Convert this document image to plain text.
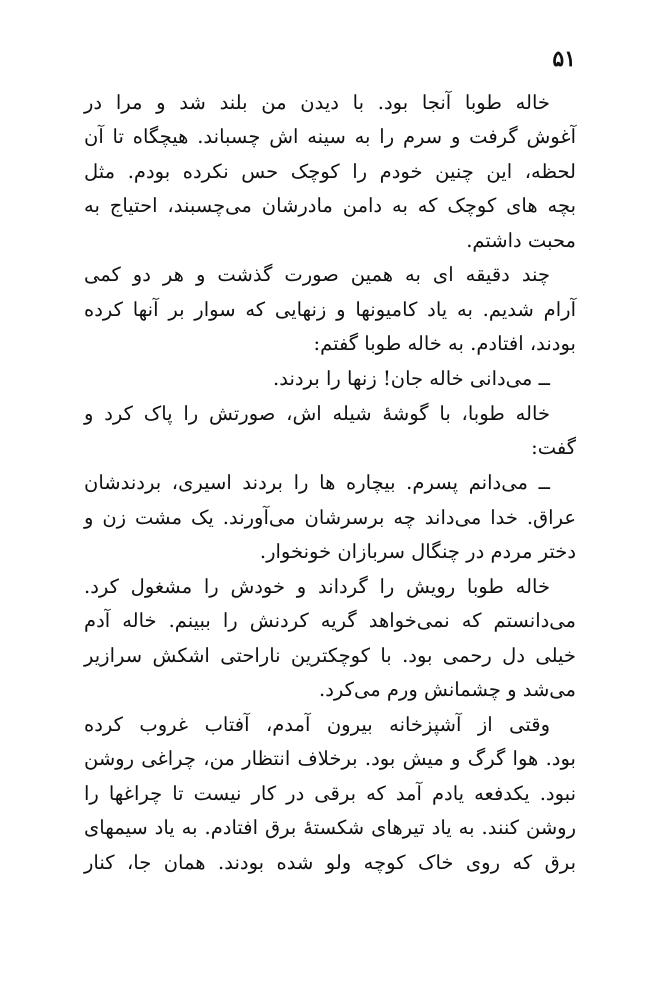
۵۱
خاله طوبا آنجا بود. با دیدن من بلند شد و مرا در
آغوش گرفت و سرم را به سینه اش چسباند. هیچگاه تا آن
لحظه، این چنین خودم را کوچک حس نکرده بودم. مثل
بچه های کوچک که به دامن مادرشان می‌چسبند، احتیاج به
محبت داشتم.
چند دقیقه ای به همین صورت گذشت و هر دو کمی
آرام شدیم. به یاد کامیونها و زنهایی که سوار بر آنها کرده
بودند، افتادم. به خاله طوبا گفتم:
ــ می‌دانی خاله جان! زنها را بردند.
خاله طوبا، با گوشهٔ شیله اش، صورتش را پاک کرد و
گفت:
ــ می‌دانم پسرم. بیچاره ها را بردند اسیری، بردندشان
عراق. خدا می‌داند چه برسرشان می‌آورند. یک مشت زن و
دختر مردم در چنگال سربازان خونخوار.
خاله طوبا رویش را گرداند و خودش را مشغول کرد.
می‌دانستم که نمی‌خواهد گریه کردنش را ببینم. خاله آدم
خیلی دل رحمی بود. با کوچکترین ناراحتی اشکش سرازیر
می‌شد و چشمانش ورم می‌کرد.
وقتی از آشپزخانه بیرون آمدم، آفتاب غروب کرده
بود. هوا گرگ و میش بود. برخلاف انتظار من، چراغی روشن
نبود. یکدفعه یادم آمد که برقی در کار نیست تا چراغها را
روشن کنند. به یاد تیرهای شکستهٔ برق افتادم. به یاد سیمهای
برق که روی خاک کوچه ولو شده بودند. همان جا، کنار
